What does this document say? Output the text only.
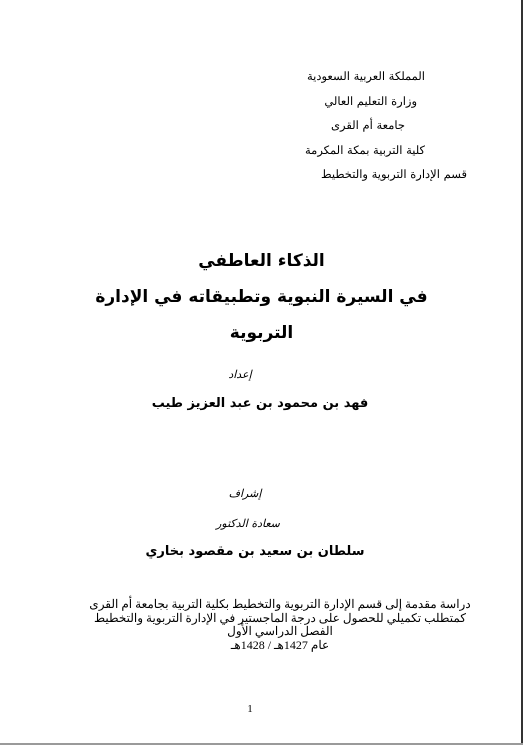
المملكة العربية السعودية
وزارة التعليم العالي
جامعة أم القرى
كلية التربية بمكة المكرمة
قسم الإدارة التربوية والتخطيط
الذكاء العاطفي
في السيرة النبوية وتطبيقاته في الإدارة
التربوية
إعداد
فهد بن محمود بن عبد العزيز طيب
إشراف
سعادة الدكتور
سلطان بن سعيد بن مقصود بخاري
دراسة مقدمة إلى قسم الإدارة التربوية والتخطيط بكلية التربية بجامعة أم القرى
كمتطلب تكميلي للحصول على درجة الماجستير في الإدارة التربوية والتخطيط
الفصل الدراسي الأول
عام 1427هـ / 1428هـ
1
